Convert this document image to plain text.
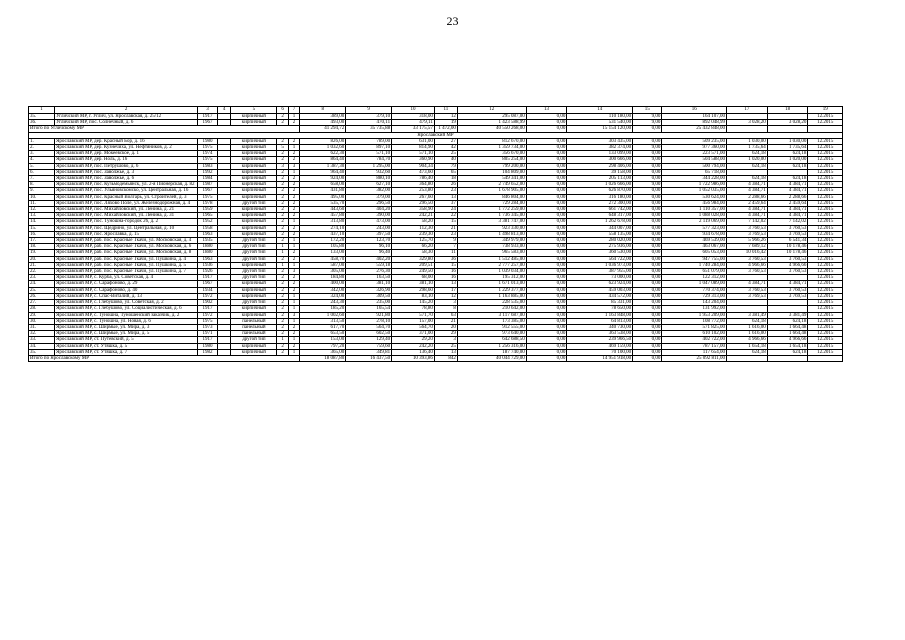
23
1	2	3	4	5	6	7	8	9	10	11	12	13	14	15	16	17	18	19
35.	Угличский МР, г. Углич, ул. Ярославская, д. 25/12	1917		кирпичный	2	1	389,00	379,10	318,00	12	295 087,00	0,00	110 180,00	9,00	164 107,00			12.2015
36.	Угличский МР, пос. Солнечный, д. 6	1967		кирпичный	2	2	493,00	470,11	479,11	19	1 423 588,99	0,00	531 540,00	9,00	892 048,99	3 028,20	3 028,20	12.2015
Итого по Угличскому МР							41 294,72	35 735,88	33 175,57	1 472,00	40 550 268,00	0,00	15 154 120,00	0,00	25 432 848,00			
Ярославский МР																		
1.	Ярославский МР, дер. Красный Бор, д. 16	1980		кирпичный	2	2	826,00	789,00	631,00	27	812 670,00	0,00	303 435,00	0,00	509 235,00	1 030,00	1 030,00	12.2015
2.	Ярославский МР, дер. Кузнечиха, ул. Нефтяников, д. 2	1975		кирпичный	5	1	1 032,60	897,10	814,90	42	1 359 734,00	0,00	382 374,00	9,00	977 360,00	1 735,64	1 735,64	12.2015
3.	Ярославский МР, дер. Мокеевское, д. 1	1974		кирпичный	2	2	622,30	571,10	571,10	25	356 670,00	0,00	133 099,00	0,00	223 571,00	624,18	624,18	12.2015
4.	Ярославский МР, дер. Ноль, д. 16	1975		кирпичный	2	2	864,40	784,70	360,90	40	805 254,00	0,00	300 666,00	9,00	504 588,00	1 020,00	1 020,00	12.2015
5.	Ярославский МР, пос. Петрушово, д. 6	1983		кирпичный	3	3	1 387,30	1 295,00	904,34	79	799 200,00	0,00	298 406,00	0,00	500 794,00	624,18	624,18	12.2015
6.	Ярославский МР, пос. Заволжье, д. 3	1992		кирпичный	2	1	964,40	932,60	473,60	65	104 809,00	0,00	39 158,00	0,00	65 718,00			12.2015
7.	Ярославский МР, пос. Заволжье, д. 6	1984		кирпичный	2	2	924,00	880,10	786,40	18	549 341,00	0,00	205 113,00	0,00	344 228,00	624,18	624,18	12.2015
8.	Ярославский МР, пос. Кузьмодемьянск, ул. 2-я Пионерская, д. 82	1987		кирпичный	2	2	658,00	627,10	364,80	26	2 749 652,00	0,00	1 026 666,00	9,00	1 722 986,00	4 384,71	4 384,71	12.2015
9.	Ярославский МР, пос. Ульяновскомско, ул. Центральная, д. 16	1967		кирпичный	2	2	431,80	382,00	253,80	23	1 678 905,00	0,00	626 870,00	0,00	1 052 035,00	4 384,71	4 384,71	12.2015
10.	Ярославский МР, пос. Красный Волгарь, ул. Строителей, д. 3	1975		кирпичный	2	2	495,00	379,00	267,60	13	846 804,00	0,00	316 180,00	0,00	530 624,00	2 288,66	2 288,66	12.2015
11.	Ярославский МР, пос. Ляхово Поле, ул. Железнодорожная, д. 4	1978		другой тип	2	2	535,70	296,50	296,50	37	729 284,00	0,00	272 300,00	0,00	456 984,00	2 459,64	2 459,64	12.2015
12.	Ярославский МР, пос. Михайловский, ул. Ленина, д. 21	1959		кирпичный	2	2	443,60	404,20	358,90	24	1 772 259,00	0,00	661 742,00	0,00	1 110 357,00	4 384,71	4 384,71	12.2015
13.	Ярославский МР, пос. Михайловский, ул. Ленина, д. 31	1965		кирпичный	2	2	457,80	390,00	242,21	22	1 736 345,00	0,00	648 317,00	0,00	1 088 028,00	4 384,71	4 384,71	12.2015
14.	Ярославский МР, пос. Туношна-городок 26, д. 2	1952		кирпичный	2	1	313,80	473,00	58,20	15	3 381 747,00	0,00	1 262 678,00	0,00	2 119 069,00	7 142,02	7 142,02	12.2015
15.	Ярославский МР, пос. Щедрино, ул. Центральная, д. 10	1958		кирпичный	2	2	274,10	243,00	112,30	21	923 330,00	0,00	344 007,00	0,00	577 323,00	3 760,53	3 760,53	12.2015
16.	Ярославский МР, пос. Ярославка, д. 15	1963		кирпичный	2	2	437,10	397,50	239,30	23	1 498 813,00	0,00	558 135,00	0,00	934 678,00	3 769,53	3 769,53	12.2015
17.	Ярославский МР, раб. пос. Красные Ткачи, ул. Московская, д. 4	1935		другой тип	2	1	172,20	123,70	125,70	9	349 979,00	0,00	280 020,00	0,00	469 539,00	5 966,26	6 541,34	12.2015
18.	Ярославский МР, раб. пос. Красные Ткачи, ул. Московская, д. 6	1880		другой тип	1	1	105,80	96,10	66,20	7	738 933,00	0,00	275 936,00	0,00	463 067,00	7 689,12	10 178,46	12.2015
19.	Ярославский МР, раб. пос. Красные Ткачи, ул. Московская, д. 8	1880		другой тип	1	2	133,00	96,40	58,30	11	965 583,00	0,00	360 530,00	0,00	605 053,00	10 016,42	10 178,46	12.2015
20.	Ярославский МР, раб. пос. Красные Ткачи, ул. Пушкина, д. 4	1963		другой тип	2	2	458,70	402,20	329,80	36	1 512 485,00	0,00	564 722,00	0,00	947 755,00	3 760,53	3 760,53	12.2015
21.	Ярославский МР, раб. пос. Красные Ткачи, ул. Пушкина, д. 5	1936		кирпичный	1	1	587,00	559,18	209,51	15	2 777 257,00	0,00	1 036 973,00	0,00	1 740 284,00	4 966,66	4 966,66	12.2015
22.	Ярославский МР, раб. пос. Красные Ткачи, ул. Пушкина, д. 7	1926		другой тип	2	3	305,00	276,30	249,50	16	1 039 034,00	0,00	387 955,00	0,00	651 079,00	3 760,53	3 760,53	12.2015
23.	Ярославский МР, с. Курба, ул. Советская, д. 4	1917		другой тип	2	2	184,80	163,50	68,00	16	195 312,00	0,00	73 000,00	0,00	122 312,00			12.2015
24.	Ярославский МР, с. Сарафоново, д. 29	1967		кирпичный	2	2	400,00	381,10	381,10	13	1 671 013,00	0,00	623 924,00	0,00	1 047 089,00	4 384,71	4 384,71	12.2015
25.	Ярославский МР, с. Сарафоново, д. 40	1934		кирпичный	2	2	342,00	326,90	298,60	17	1 229 377,00	0,00	459 003,00	0,00	770 374,00	3 760,53	3 760,53	12.2015
26.	Ярославский МР, с. Спас-Виталий, д. 13	1972		кирпичный	2	1	324,00	309,50	83,10	12	1 163 885,00	0,00	434 572,00	0,00	729 313,00	3 769,53	3 769,53	12.2015
27.	Ярославский МР, с. Глебушово, ул. Советская, д. 2	1902		другой тип	2	1	243,30	235,00	145,20	3	228 535,00	0,00	85 331,00	0,00	143 204,00			12.2015
28.	Ярославский МР, с. Глебушово, ул. Социалистическая, д. 6	1917		кирпичный	2	1	185,20	165,54	78,80	8	210 642,00	0,00	78 650,00	0,00	131 992,00			12.2015
29.	Ярославский МР, с. Туношна, Туношенский заказчик, д. 2	1972		кирпичный	2	3	1 002,60	921,80	571,70	63	3 117 687,00	0,00	1 163 848,00	0,00	1 953 209,00	3 381,49	3 381,49	12.2015
30.	Ярославский МР, с. Туношна, ул. Новая, д. 6	1975		панельный	2	1	313,50	278,10	157,00	21	173 385,00	0,00	64 813,00	0,00	108 772,00	624,18	624,18	12.2015
31.	Ярославский МР, с. Ширмые, ул. Мира, д. 3	1973		панельный	2	2	617,70	564,70	564,70	20	912 555,00	0,00	340 730,00	0,00	571 825,00	1 616,00	1 664,48	12.2015
32.	Ярославский МР, с. Ширмые, ул. Мира, д. 5	1971		панельный	2	2	653,50	602,50	371,00	29	973 640,00	0,00	363 538,00	0,00	610 102,00	1 616,00	1 664,48	12.2015
33.	Ярославский МР, ст. Путевский, д. 5	1917		другой тип	1	1	153,00	129,40	29,20	3	642 688,50	0,00	239 966,50	0,00	402 722,00	4 966,66	4 966,66	12.2015
34.	Ярославский МР, ст. Утяшка, д. 5	1980		кирпичный	2	2	797,20	759,60	242,20	25	1 256 316,00	0,00	469 159,00	0,00	787 157,00	1 654,18	1 654,18	12.2015
35.	Ярославский МР, ст. Утяшка, д. 7	1982		кирпичный	2	1	365,00	349,81	136,40	13	187 740,00	0,00	70 100,00	0,00	117 654,00	624,18	624,18	12.2015
Итого по Ярославскому МР							18 087,80	16 437,50	10 393,86	842	40 044 729,00	0,00	14 951 918,00	0,00	25 092 811,00			
